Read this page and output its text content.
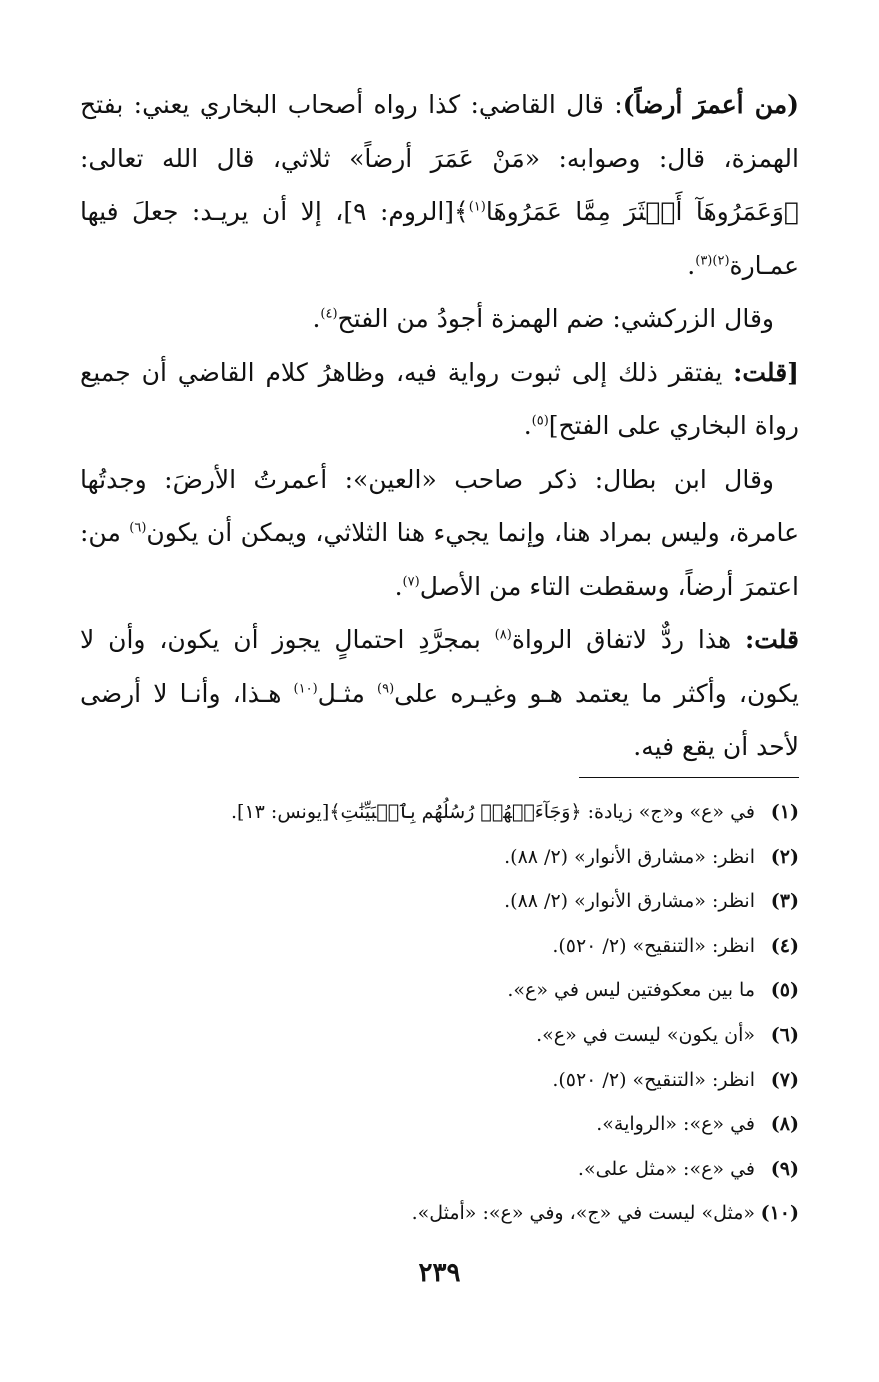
(من أعمرَ أرضاً): قال القاضي: كذا رواه أصحاب البخاري يعني: بفتح الهمزة، قال: وصوابه: «مَنْ عَمَرَ أرضاً» ثلاثي، قال الله تعالى: ﴿وَعَمَرُوهَآ أَكۡثَرَ مِمَّا عَمَرُوهَا$^{(١)}$﴾[الروم: ٩]، إلا أن يريـد: جعلَ فيها عمـارة$^{(٢)(٣)}$.

 وقال الزركشي: ضم الهمزة أجودُ من الفتح$^{(٤)}$.

[قلت: يفتقر ذلك إلى ثبوت رواية فيه، وظاهرُ كلام القاضي أن جميع رواة البخاري على الفتح]$^{(٥)}$.

 وقال ابن بطال: ذكر صاحب «العين»: أعمرتُ الأرضَ: وجدتُها عامرة، وليس بمراد هنا، وإنما يجيء هنا الثلاثي، ويمكن أن يكون$^{(٦)}$ من: اعتمرَ أرضاً، وسقطت التاء من الأصل$^{(٧)}$.

قلت: هذا ردٌّ لاتفاق الرواة$^{(٨)}$ بمجرَّدِ احتمالٍ يجوز أن يكون، وأن لا يكون، وأكثر ما يعتمد هـو وغيـره على$^{(٩)}$ مثـل$^{(١٠)}$ هـذا، وأنـا لا أرضى لأحد أن يقع فيه.

(١)في «ع» و«ج» زيادة: ﴿وَجَآءَتۡهُمۡ رُسُلُهُم بِٱلۡبَيِّنَٰتِ﴾[يونس: ١٣].

(٢)انظر: «مشارق الأنوار» (٢/ ٨٨).

(٣)انظر: «مشارق الأنوار» (٢/ ٨٨).

(٤)انظر: «التنقيح» (٢/ ٥٢٠).

(٥)ما بين معكوفتين ليس في «ع».

(٦)«أن يكون» ليست في «ع».

(٧)انظر: «التنقيح» (٢/ ٥٢٠).

(٨)في «ع»: «الرواية».

(٩)في «ع»: «مثل على».

(١٠)«مثل» ليست في «ج»، وفي «ع»: «أمثل».

٢٣٩
